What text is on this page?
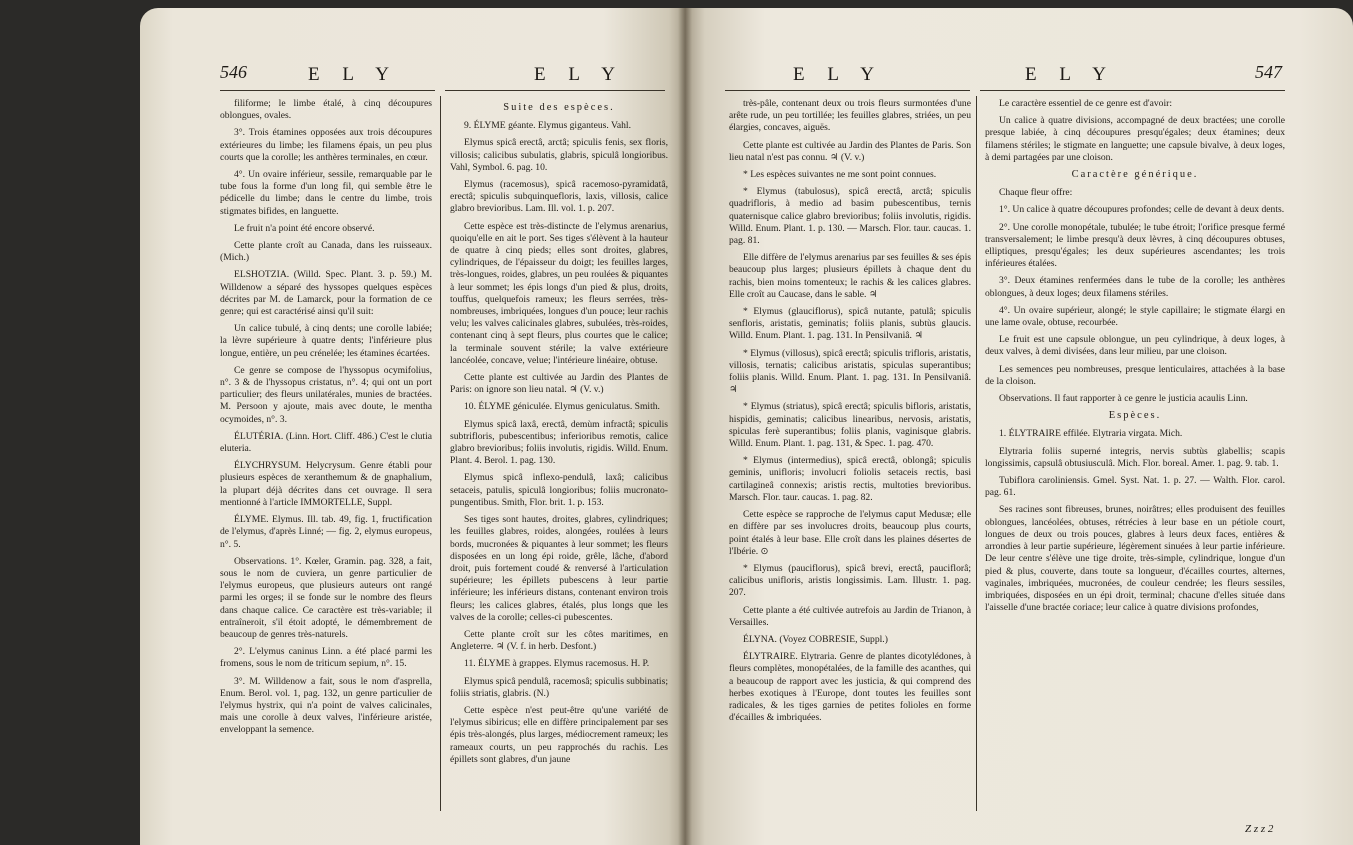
546	E L Y	E L Y

filiforme; le limbe étalé, à cinq découpures oblongues, ovales.

3°. Trois étamines opposées aux trois découpures extérieures du limbe; les filamens épais, un peu plus courts que la corolle; les anthères terminales, en cœur.

4°. Un ovaire inférieur, sessile, remarquable par le tube fous la forme d'un long fil, qui semble être le pédicelle du limbe; dans le centre du limbe, trois stigmates bifides, en languette.

Le fruit n'a point été encore observé.

Cette plante croît au Canada, dans les ruisseaux. (Mich.)

ELSHOTZIA. (Willd. Spec. Plant. 3. p. 59.) M. Willdenow a séparé des hyssopes quelques espèces décrites par M. de Lamarck, pour la formation de ce genre; qui est caractérisé ainsi qu'il suit:

Un calice tubulé, à cinq dents; une corolle labiée; la lèvre supérieure à quatre dents; l'inférieure plus longue, entière, un peu crénelée; les étamines écartées.

Ce genre se compose de l'hyssopus ocymifolius, n°. 3 & de l'hyssopus cristatus, n°. 4; qui ont un port particulier; des fleurs unilatérales, munies de bractées. M. Persoon y ajoute, mais avec doute, le mentha ocymoides, n°. 3.

ÉLUTÉRIA. (Linn. Hort. Cliff. 486.) C'est le clutia eluteria.

ÉLYCHRYSUM. Helycrysum. Genre établi pour plusieurs espèces de xeranthemum & de gnaphalium, la plupart déjà décrites dans cet ouvrage. Il sera mentionné à l'article IMMORTELLE, Suppl.

ÉLYME. Elymus. Ill. tab. 49, fig. 1, fructification de l'elymus, d'après Linné; — fig. 2, elymus europeus, n°. 5.

Observations. 1°. Kœler, Gramin. pag. 328, a fait, sous le nom de cuviera, un genre particulier de l'elymus europeus, que plusieurs auteurs ont rangé parmi les orges; il se fonde sur le nombre des fleurs dans chaque calice. Ce caractère est très-variable; il entraîneroit, s'il étoit adopté, le démembrement de beaucoup de genres très-naturels.

2°. L'elymus caninus Linn. a été placé parmi les fromens, sous le nom de triticum sepium, n°. 15.

3°. M. Willdenow a fait, sous le nom d'asprella, Enum. Berol. vol. 1, pag. 132, un genre particulier de l'elymus hystrix, qui n'a point de valves calicinales, mais une corolle à deux valves, l'inférieure aristée, enveloppant la semence.

Suite des espèces.

9. ÉLYME géante. Elymus giganteus. Vahl.

Elymus spicâ erectâ, arctâ; spiculis fenis, sex floris, villosis; calicibus subulatis, glabris, spiculâ longioribus. Vahl, Symbol. 6. pag. 10.

Elymus (racemosus), spicâ racemoso-pyramidatâ, erectâ; spiculis subquinquefloris, laxis, villosis, calice glabro brevioribus. Lam. Ill. vol. 1. p. 207.

Cette espèce est très-distincte de l'elymus arenarius, quoiqu'elle en ait le port. Ses tiges s'élèvent à la hauteur de quatre à cinq pieds; elles sont droites, glabres, cylindriques, de l'épaisseur du doigt; les feuilles larges, très-longues, roides, glabres, un peu roulées & piquantes à leur sommet; les épis longs d'un pied & plus, droits, touffus, quelquefois rameux; les fleurs serrées, très-nombreuses, imbriquées, longues d'un pouce; leur rachis velu; les valves calicinales glabres, subulées, très-roides, contenant cinq à sept fleurs, plus courtes que le calice; la terminale souvent stérile; la valve extérieure lancéolée, concave, velue; l'intérieure linéaire, obtuse.

Cette plante est cultivée au Jardin des Plantes de Paris: on ignore son lieu natal. ♃ (V. v.)

10. ÉLYME géniculée. Elymus geniculatus. Smith.

Elymus spicâ laxâ, erectâ, demùm infractâ; spiculis subtrifloris, pubescentibus; inferioribus remotis, calice glabro brevioribus; foliis involutis, rigidis. Willd. Enum. Plant. 4. Berol. 1. pag. 130.

Elymus spicâ inflexo-pendulâ, laxâ; calicibus setaceis, patulis, spiculâ longioribus; foliis mucronato-pungentibus. Smith, Flor. brit. 1. p. 153.

Ses tiges sont hautes, droites, glabres, cylindriques; les feuilles glabres, roides, alongées, roulées à leurs bords, mucronées & piquantes à leur sommet; les fleurs disposées en un long épi roide, grêle, lâche, d'abord droit, puis fortement coudé & renversé à l'articulation supérieure; les épillets pubescens à leur partie inférieure; les inférieurs distans, contenant environ trois fleurs; les calices glabres, étalés, plus longs que les valves de la corolle; celles-ci pubescentes.

Cette plante croît sur les côtes maritimes, en Angleterre. ♃ (V. f. in herb. Desfont.)

11. ÉLYME à grappes. Elymus racemosus. H. P.

Elymus spicâ pendulâ, racemosâ; spiculis subbinatis; foliis striatis, glabris. (N.)

Cette espèce n'est peut-être qu'une variété de l'elymus sibiricus; elle en diffère principalement par ses épis très-alongés, plus larges, médiocrement rameux; les rameaux courts, un peu rapprochés du rachis. Les épillets sont glabres, d'un jaune

E L Y	E L Y	547

très-pâle, contenant deux ou trois fleurs surmontées d'une arête rude, un peu tortillée; les feuilles glabres, striées, un peu élargies, concaves, aiguës.

Cette plante est cultivée au Jardin des Plantes de Paris. Son lieu natal n'est pas connu. ♃ (V. v.)

* Les espèces suivantes ne me sont point connues.

* Elymus (tabulosus), spicâ erectâ, arctâ; spiculis quadrifloris, à medio ad basim pubescentibus, ternis quaternisque calice glabro brevioribus; foliis involutis, rigidis. Willd. Enum. Plant. 1. p. 130. — Marsch. Flor. taur. caucas. 1. pag. 81.

Elle diffère de l'elymus arenarius par ses feuilles & ses épis beaucoup plus larges; plusieurs épillets à chaque dent du rachis, bien moins tomenteux; le rachis & les calices glabres. Elle croît au Caucase, dans le sable. ♃

* Elymus (glauciflorus), spicâ nutante, patulâ; spiculis senfloris, aristatis, geminatis; foliis planis, subtùs glaucis. Willd. Enum. Plant. 1. pag. 131. In Pensilvaniâ. ♃

* Elymus (villosus), spicâ erectâ; spiculis trifloris, aristatis, villosis, ternatis; calicibus aristatis, spiculas superantibus; foliis planis. Willd. Enum. Plant. 1. pag. 131. In Pensilvaniâ. ♃

* Elymus (striatus), spicâ erectâ; spiculis bifloris, aristatis, hispidis, geminatis; calicibus linearibus, nervosis, aristatis, spiculas ferè superantibus; foliis planis, vaginisque glabris. Willd. Enum. Plant. 1. pag. 131, & Spec. 1. pag. 470.

* Elymus (intermedius), spicâ erectâ, oblongâ; spiculis geminis, unifloris; involucri foliolis setaceis rectis, basi cartilagineâ connexis; aristis rectis, multoties brevioribus. Marsch. Flor. taur. caucas. 1. pag. 82.

Cette espèce se rapproche de l'elymus caput Medusæ; elle en diffère par ses involucres droits, beaucoup plus courts, point étalés à leur base. Elle croît dans les plaines désertes de l'Ibérie. ⊙

* Elymus (pauciflorus), spicâ brevi, erectâ, pauciflorâ; calicibus unifloris, aristis longissimis. Lam. Illustr. 1. pag. 207.

Cette plante a été cultivée autrefois au Jardin de Trianon, à Versailles.

ÉLYNA. (Voyez COBRESIE, Suppl.)

ÉLYTRAIRE. Elytraria. Genre de plantes dicotylédones, à fleurs complètes, monopétalées, de la famille des acanthes, qui a beaucoup de rapport avec les justicia, & qui comprend des herbes exotiques à l'Europe, dont toutes les feuilles sont radicales, & les tiges garnies de petites folioles en forme d'écailles & imbriquées.

Le caractère essentiel de ce genre est d'avoir:

Un calice à quatre divisions, accompagné de deux bractées; une corolle presque labiée, à cinq découpures presqu'égales; deux étamines; deux filamens stériles; le stigmate en languette; une capsule bivalve, à deux loges, à demi partagées par une cloison.

Caractère générique.

Chaque fleur offre:

1°. Un calice à quatre découpures profondes; celle de devant à deux dents.

2°. Une corolle monopétale, tubulée; le tube étroit; l'orifice presque fermé transversalement; le limbe presqu'à deux lèvres, à cinq découpures obtuses, elliptiques, presqu'égales; les deux supérieures ascendantes; les trois inférieures étalées.

3°. Deux étamines renfermées dans le tube de la corolle; les anthères oblongues, à deux loges; deux filamens stériles.

4°. Un ovaire supérieur, alongé; le style capillaire; le stigmate élargi en une lame ovale, obtuse, recourbée.

Le fruit est une capsule oblongue, un peu cylindrique, à deux loges, à deux valves, à demi divisées, dans leur milieu, par une cloison.

Les semences peu nombreuses, presque lenticulaires, attachées à la base de la cloison.

Observations. Il faut rapporter à ce genre le justicia acaulis Linn.

Espèces.

1. ÉLYTRAIRE effilée. Elytraria virgata. Mich.

Elytraria foliis superné integris, nervis subtùs glabellis; scapis longissimis, capsulâ obtusiusculâ. Mich. Flor. boreal. Amer. 1. pag. 9. tab. 1.

Tubiflora caroliniensis. Gmel. Syst. Nat. 1. p. 27. — Walth. Flor. carol. pag. 61.

Ses racines sont fibreuses, brunes, noirâtres; elles produisent des feuilles oblongues, lancéolées, obtuses, rétrécies à leur base en un pétiole court, longues de deux ou trois pouces, glabres à leurs deux faces, entières & arrondies à leur partie supérieure, légèrement sinuées à leur partie inférieure. De leur centre s'élève une tige droite, très-simple, cylindrique, longue d'un pied & plus, couverte, dans toute sa longueur, d'écailles courtes, alternes, vaginales, imbriquées, mucronées, de couleur cendrée; les fleurs sessiles, imbriquées, disposées en un épi droit, terminal; chacune d'elles située dans l'aisselle d'une bractée coriace; leur calice à quatre divisions profondes,

Z z z 2
